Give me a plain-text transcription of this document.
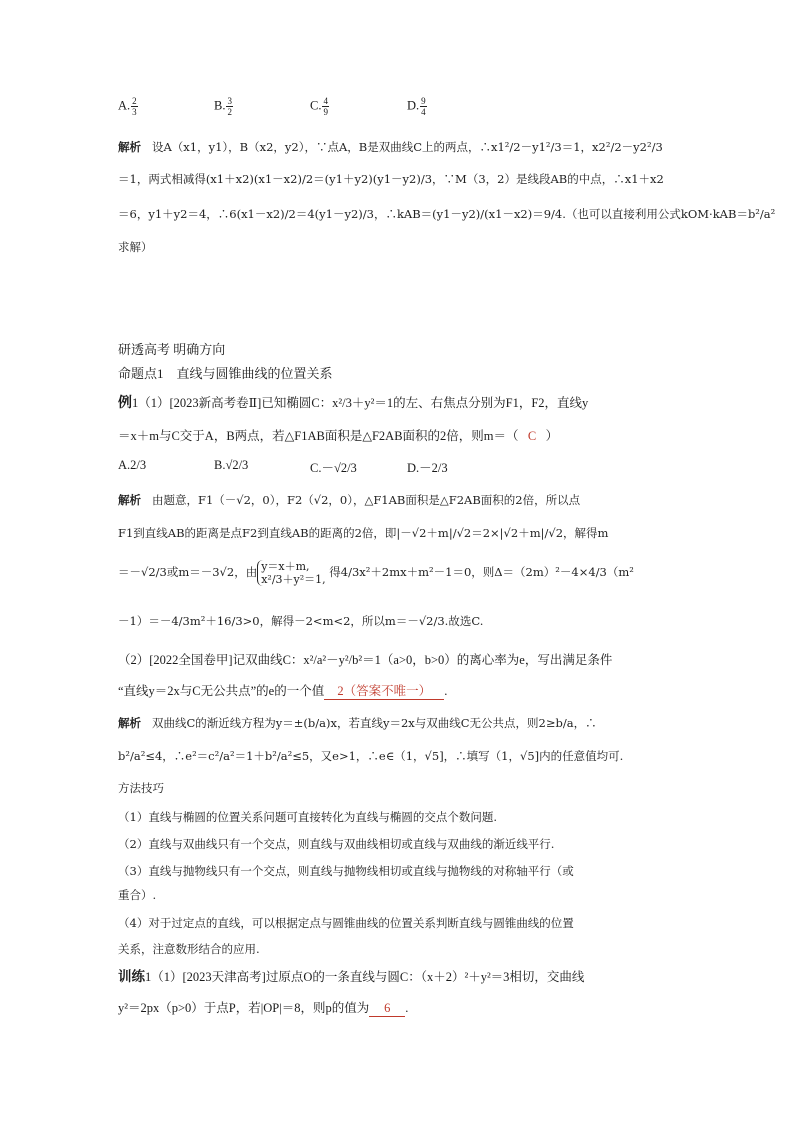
A. $\frac{2}{3}$	B. $\frac{3}{2}$	C. $\frac{4}{9}$	D. $\frac{9}{4}$
解析 设A（x1，y1），B（x2，y2），∵点A，B是双曲线C上的两点，∴x1²/2－y1²/3＝1，x2²/2－y2²/3
＝1，两式相减得(x1＋x2)(x1－x2)/2＝(y1＋y2)(y1－y2)/3，∵M（3，2）是线段AB的中点，∴x1＋x2
＝6，y1＋y2＝4，∴6(x1－x2)/2＝4(y1－y2)/3，∴kAB＝(y1－y2)/(x1－x2)＝9/4.（也可以直接利用公式kOM·kAB＝b²/a²
求解）
研透高考 明确方向
命题点1　直线与圆锥曲线的位置关系
例1（1）[2023新高考卷Ⅱ]已知椭圆C：x²/3＋y²＝1的左、右焦点分别为F1，F2，直线y
＝x＋m与C交于A，B两点，若△F1AB面积是△F2AB面积的2倍，则m＝（ C ）
A.2/3	B.√2/3	C.－√2/3	D.－2/3
解析 由题意，F1（－√2，0），F2（√2，0），△F1AB面积是△F2AB面积的2倍，所以点
F1到直线AB的距离是点F2到直线AB的距离的2倍，即|－√2＋m|/√2＝2×|√2＋m|/√2，解得m
＝－√2/3或m＝－3√2，由 y＝x＋m,
x²/3＋y²＝1,
得4/3x²＋2mx＋m²－1＝0，则Δ＝（2m）²－4×4/3（m²
－1）＝－4/3m²＋16/3>0，解得－2<m<2，所以m＝－√2/3.故选C.
（2）[2022全国卷甲]记双曲线C：x²/a²－y²/b²＝1（a>0，b>0）的离心率为e，写出满足条件
“直线y＝2x与C无公共点”的e的一个值 2（答案不唯一） .
解析 双曲线C的渐近线方程为y＝±(b/a)x，若直线y＝2x与双曲线C无公共点，则2≥b/a，∴
b²/a²≤4，∴e²＝c²/a²＝1＋b²/a²≤5，又e>1，∴e∈（1，√5]，∴填写（1，√5]内的任意值均可.
方法技巧
（1）直线与椭圆的位置关系问题可直接转化为直线与椭圆的交点个数问题.
（2）直线与双曲线只有一个交点，则直线与双曲线相切或直线与双曲线的渐近线平行.
（3）直线与抛物线只有一个交点，则直线与抛物线相切或直线与抛物线的对称轴平行（或
重合）.
（4）对于过定点的直线，可以根据定点与圆锥曲线的位置关系判断直线与圆锥曲线的位置
关系，注意数形结合的应用.
训练1（1）[2023天津高考]过原点O的一条直线与圆C：（x＋2）²＋y²＝3相切，交曲线
y²＝2px（p>0）于点P，若|OP|＝8，则p的值为 6 .
